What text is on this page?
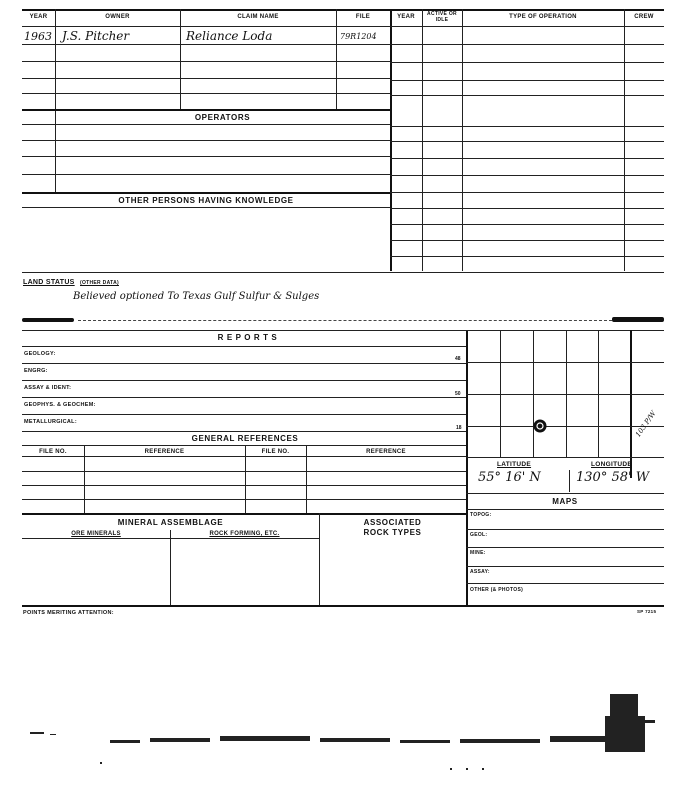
YEAR	OWNER	CLAIM NAME	FILE
1963 J.S. Pitcher	Reliance Loda	79R1204
OPERATORS
OTHER PERSONS HAVING KNOWLEDGE
YEAR	ACTIVE OR IDLE	TYPE OF OPERATION	CREW
LAND STATUS (OTHER DATA)
Believed optioned To Texas Gulf Sulfur & Sulges
R E P O R T S
GEOLOGY:
48
ENGRG:
ASSAY & IDENT:
50
GEOPHYS. & GEOCHEM:
METALLURGICAL:
18
GENERAL REFERENCES
FILE NO.	REFERENCE	FILE NO.	REFERENCE
MINERAL ASSEMBLAGE	ASSOCIATED
ROCK TYPES
ORE MINERALS	ROCK FORMING, ETC.
103 P/W
LATITUDE	LONGITUDE
55° 16' N	130° 58' W
MAPS
TOPOG:
GEOL:
MINE:
ASSAY:
OTHER (& PHOTOS)
POINTS MERITING ATTENTION:	SP 7215
